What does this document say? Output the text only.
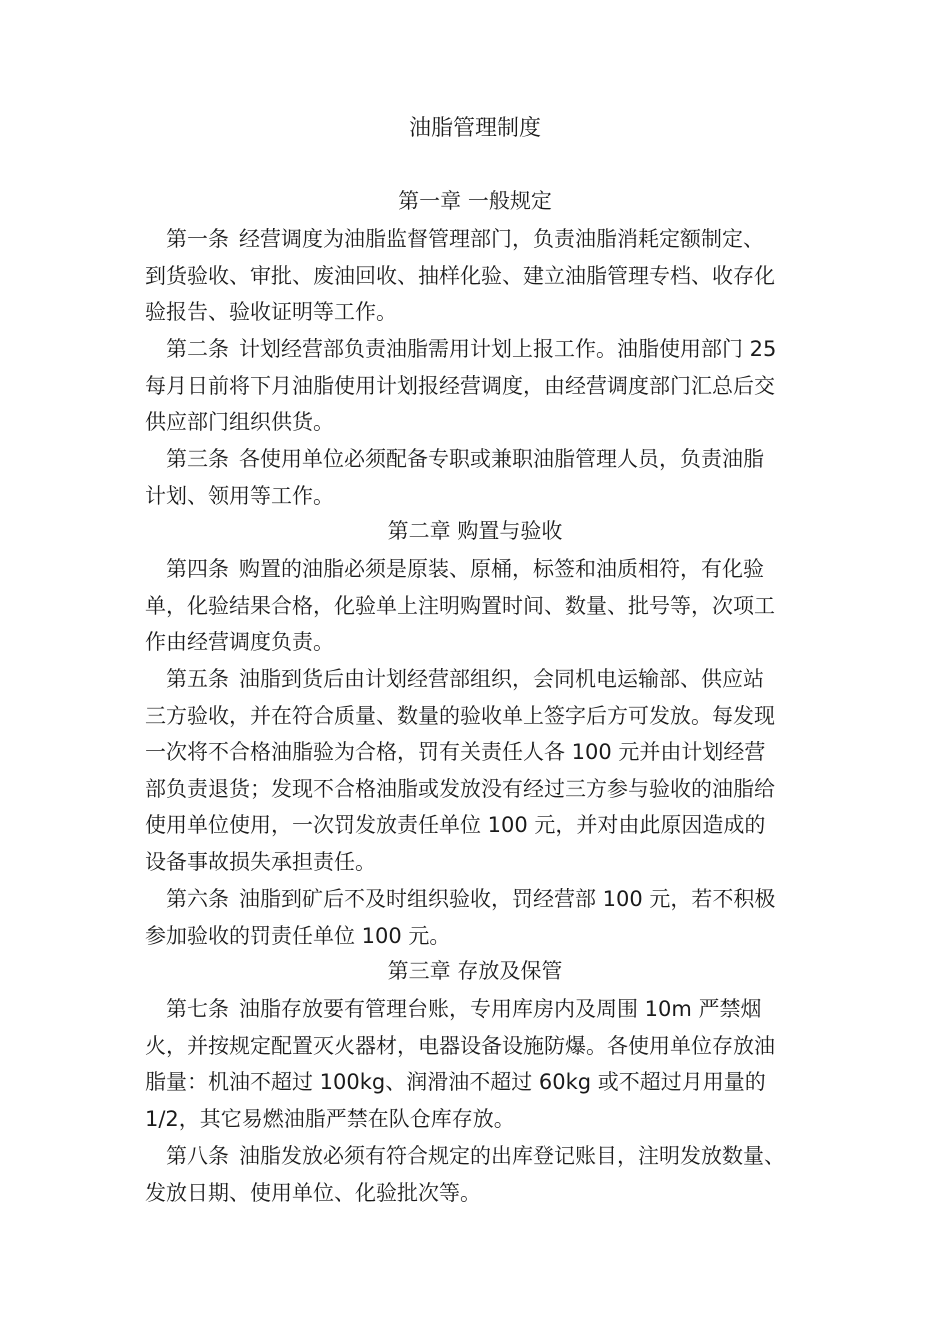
油脂管理制度
第一章 一般规定
第一条 经营调度为油脂监督管理部门，负责油脂消耗定额制定、
到货验收、审批、废油回收、抽样化验、建立油脂管理专档、收存化
验报告、验收证明等工作。
第二条 计划经营部负责油脂需用计划上报工作。油脂使用部门 25
每月日前将下月油脂使用计划报经营调度，由经营调度部门汇总后交
供应部门组织供货。
第三条 各使用单位必须配备专职或兼职油脂管理人员，负责油脂
计划、领用等工作。
第二章 购置与验收
第四条 购置的油脂必须是原装、原桶，标签和油质相符，有化验
单，化验结果合格，化验单上注明购置时间、数量、批号等，次项工
作由经营调度负责。
第五条 油脂到货后由计划经营部组织，会同机电运输部、供应站
三方验收，并在符合质量、数量的验收单上签字后方可发放。每发现
一次将不合格油脂验为合格，罚有关责任人各 100 元并由计划经营
部负责退货；发现不合格油脂或发放没有经过三方参与验收的油脂给
使用单位使用，一次罚发放责任单位 100 元，并对由此原因造成的
设备事故损失承担责任。
第六条 油脂到矿后不及时组织验收，罚经营部 100 元，若不积极
参加验收的罚责任单位 100 元。
第三章 存放及保管
第七条 油脂存放要有管理台账，专用库房内及周围 10m 严禁烟
火，并按规定配置灭火器材，电器设备设施防爆。各使用单位存放油
脂量：机油不超过 100kg、润滑油不超过 60kg 或不超过月用量的
1/2，其它易燃油脂严禁在队仓库存放。
第八条 油脂发放必须有符合规定的出库登记账目，注明发放数量、
发放日期、使用单位、化验批次等。
